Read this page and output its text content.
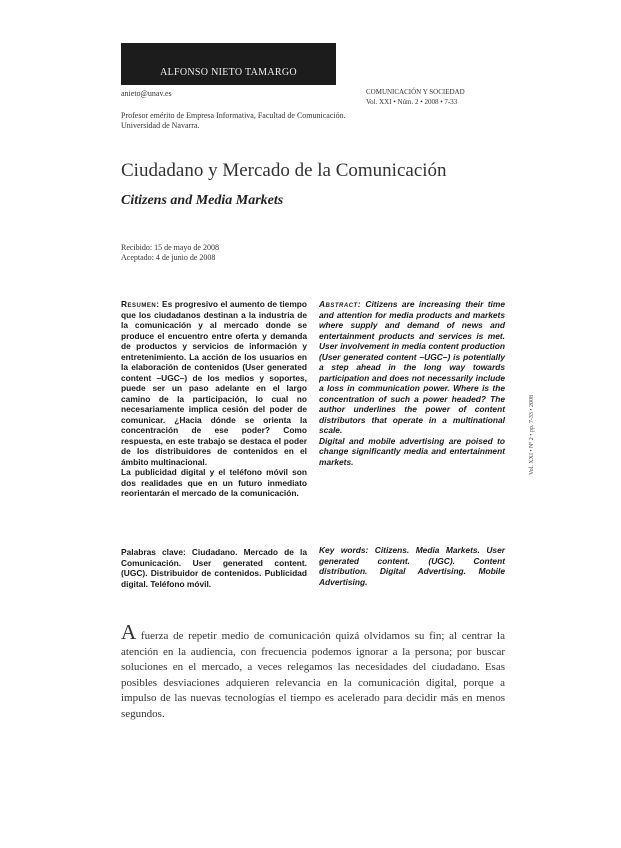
ALFONSO NIETO TAMARGO
anieto@unav.es
Profesor emérito de Empresa Informativa, Facultad de Comunicación. Universidad de Navarra.
COMUNICACIÓN Y SOCIEDAD
Vol. XXI • Núm. 2 • 2008 • 7-33
Ciudadano y Mercado de la Comunicación
Citizens and Media Markets
Recibido: 15 de mayo de 2008
Aceptado: 4 de junio de 2008

Resumen: Es progresivo el aumento de tiempo que los ciudadanos destinan a la industria de la comunicación y al mercado donde se produce el encuentro entre oferta y demanda de productos y servicios de información y entretenimiento. La acción de los usuarios en la elaboración de contenidos (User generated content –UGC–) de los medios y soportes, puede ser un paso adelante en el largo camino de la participación, lo cual no necesariamente implica cesión del poder de comunicar. ¿Hacia dónde se orienta la concentración de ese poder? Como respuesta, en este trabajo se destaca el poder de los distribuidores de contenidos en el ámbito multinacional.

La publicidad digital y el teléfono móvil son dos realidades que en un futuro inmediato reorientarán el mercado de la comunicación.

Abstract: Citizens are increasing their time and attention for media products and markets where supply and demand of news and entertainment products and services is met. User involvement in media content production (User generated content –UGC–) is potentially a step ahead in the long way towards participation and does not necessarily include a loss in communication power. Where is the concentration of such a power headed? The author underlines the power of content distributors that operate in a multinational scale.

Digital and mobile advertising are poised to change significantly media and entertainment markets.

Palabras clave: Ciudadano. Mercado de la Comunicación. User generated content. (UGC). Distribuidor de contenidos. Publicidad digital. Teléfono móvil.
Key words: Citizens. Media Markets. User generated content. (UGC). Content distribution. Digital Advertising. Mobile Advertising.
Vol. XXI • Nº 2 • pp. 7-33 • 2008

A fuerza de repetir medio de comunicación quizá olvidamos su fin; al centrar la atención en la audiencia, con frecuencia podemos ignorar a la persona; por buscar soluciones en el mercado, a veces relegamos las necesidades del ciudadano. Esas posibles desviaciones adquieren relevancia en la comunicación digital, porque a impulso de las nuevas tecnologías el tiempo es acelerado para decidir más en menos segundos.
